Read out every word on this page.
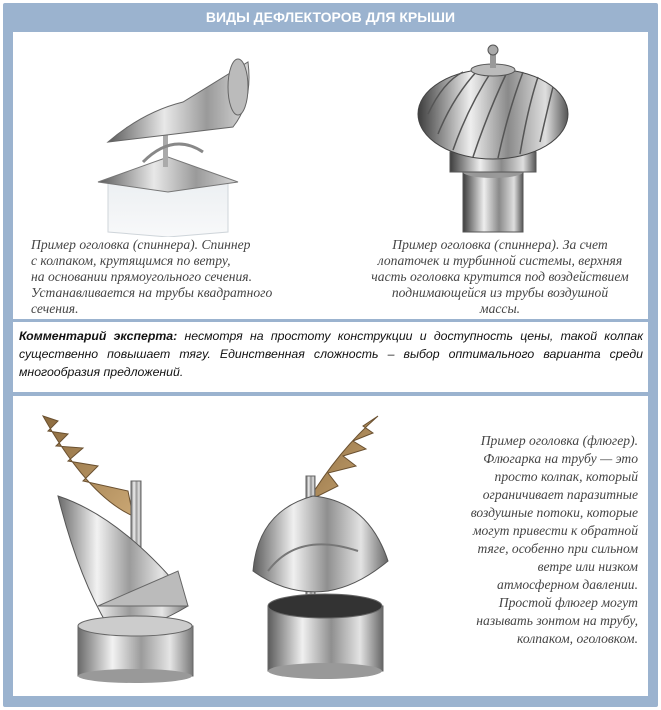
ВИДЫ ДЕФЛЕКТОРОВ ДЛЯ КРЫШИ
Пример оголовка (спиннера). Спиннер
с колпаком, крутящимся по ветру,
на основании прямоугольного сечения.
Устанавливается на трубы квадратного
сечения.
Пример оголовка (спиннера). За счет
лопаточек и турбинной системы, верхняя
часть оголовка крутится под воздействием
поднимающейся из трубы воздушной
массы.
Комментарий эксперта: несмотря на простоту конструкции и доступность цены, такой колпак существенно повышает тягу. Единственная сложность – выбор оптимального варианта среди многообразия предложений.
Пример оголовка (флюгер).
Флюгарка на трубу — это
просто колпак, который
ограничивает паразитные
воздушные потоки, которые
могут привести к обратной
тяге, особенно при сильном
ветре или низком
атмосферном давлении.
Простой флюгер могут
называть зонтом на трубу,
колпаком, оголовком.
